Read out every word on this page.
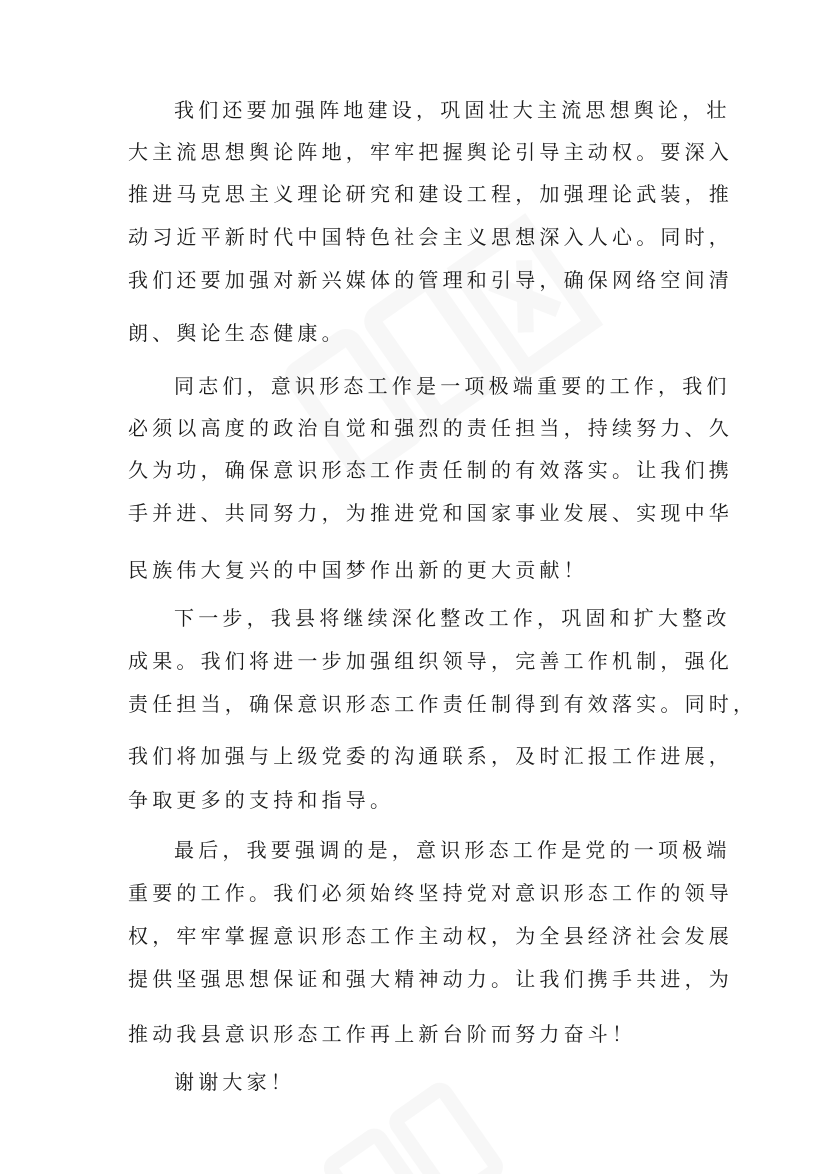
我们还要加强阵地建设，巩固壮大主流思想舆论，壮
大主流思想舆论阵地，牢牢把握舆论引导主动权。要深入
推进马克思主义理论研究和建设工程，加强理论武装，推
动习近平新时代中国特色社会主义思想深入人心。同时，
我们还要加强对新兴媒体的管理和引导，确保网络空间清
朗、舆论生态健康。
同志们，意识形态工作是一项极端重要的工作，我们
必须以高度的政治自觉和强烈的责任担当，持续努力、久
久为功，确保意识形态工作责任制的有效落实。让我们携
手并进、共同努力，为推进党和国家事业发展、实现中华
民族伟大复兴的中国梦作出新的更大贡献！
下一步，我县将继续深化整改工作，巩固和扩大整改
成果。我们将进一步加强组织领导，完善工作机制，强化
责任担当，确保意识形态工作责任制得到有效落实。同时，
我们将加强与上级党委的沟通联系，及时汇报工作进展，
争取更多的支持和指导。
最后，我要强调的是，意识形态工作是党的一项极端
重要的工作。我们必须始终坚持党对意识形态工作的领导
权，牢牢掌握意识形态工作主动权，为全县经济社会发展
提供坚强思想保证和强大精神动力。让我们携手共进，为
推动我县意识形态工作再上新台阶而努力奋斗！
谢谢大家！
